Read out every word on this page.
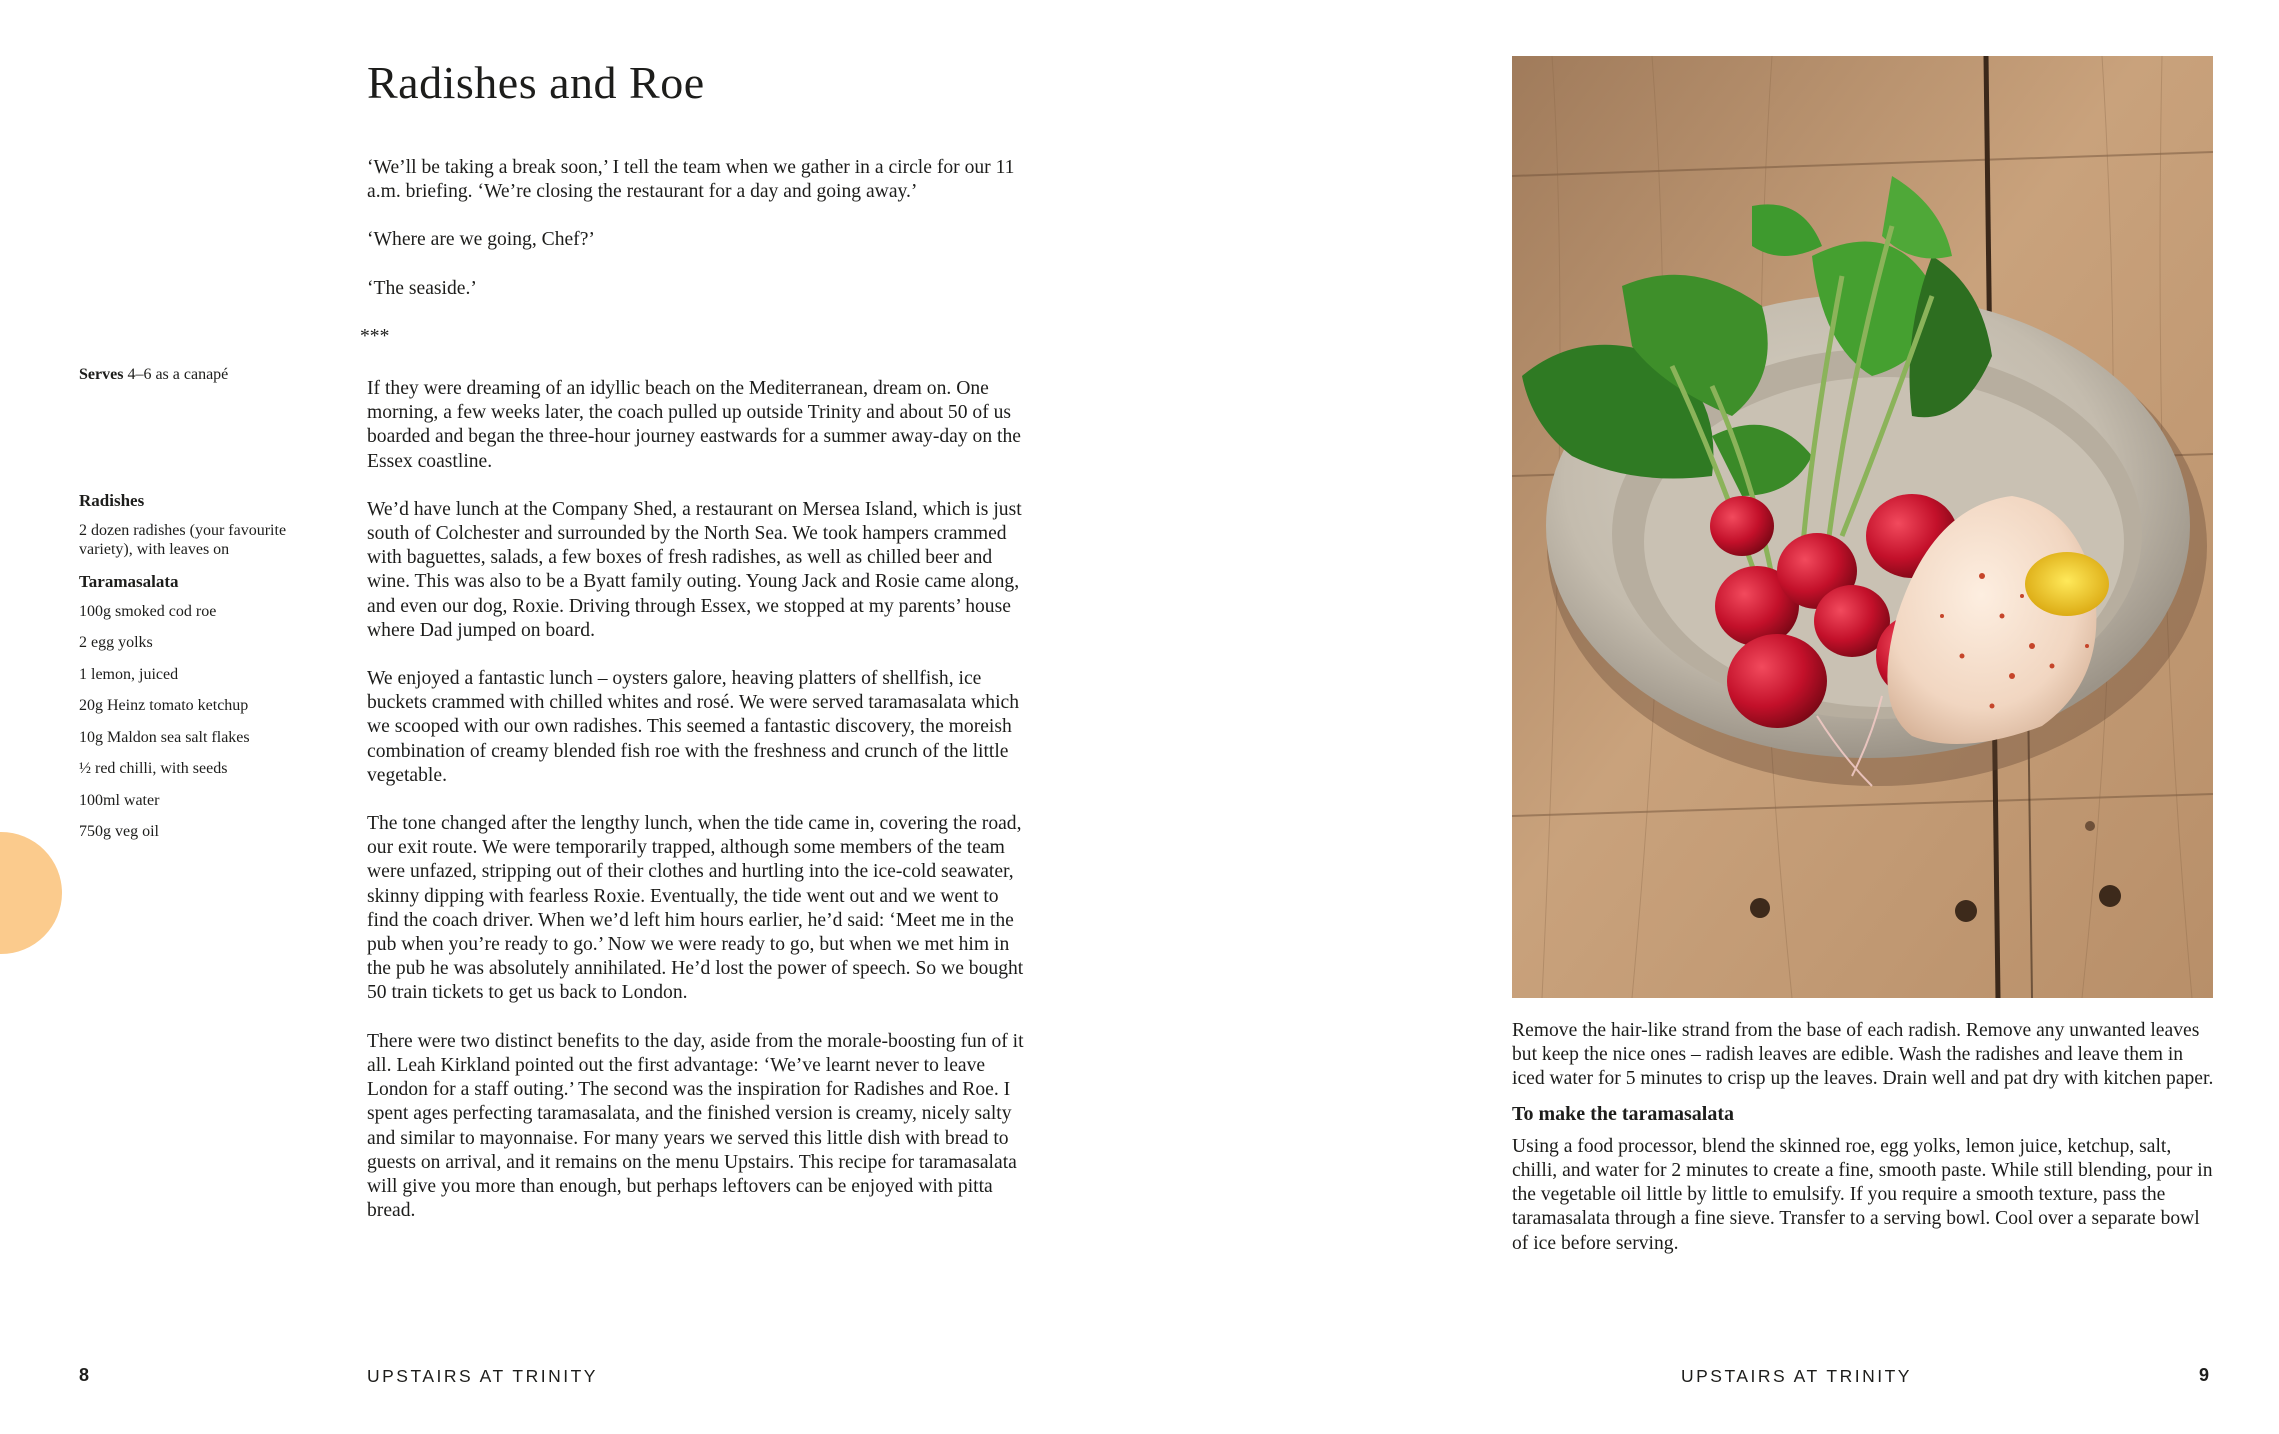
Radishes and Roe

‘We’ll be taking a break soon,’ I tell the team when we gather in a circle for our 11 a.m. briefing. ‘We’re closing the restaurant for a day and going away.’

‘Where are we going, Chef?’

‘The seaside.’

***

If they were dreaming of an idyllic beach on the Mediterranean, dream on. One morning, a few weeks later, the coach pulled up outside Trinity and about 50 of us boarded and began the three-hour journey eastwards for a summer away-day on the Essex coastline.

We’d have lunch at the Company Shed, a restaurant on Mersea Island, which is just south of Colchester and surrounded by the North Sea. We took hampers crammed with baguettes, salads, a few boxes of fresh radishes, as well as chilled beer and wine. This was also to be a Byatt family outing. Young Jack and Rosie came along, and even our dog, Roxie. Driving through Essex, we stopped at my parents’ house where Dad jumped on board.

We enjoyed a fantastic lunch – oysters galore, heaving platters of shellfish, ice buckets crammed with chilled whites and rosé. We were served taramasalata which we scooped with our own radishes. This seemed a fantastic discovery, the moreish combination of creamy blended fish roe with the freshness and crunch of the little vegetable.

The tone changed after the lengthy lunch, when the tide came in, covering the road, our exit route. We were temporarily trapped, although some members of the team were unfazed, stripping out of their clothes and hurtling into the ice-cold seawater, skinny dipping with fearless Roxie. Eventually, the tide went out and we went to find the coach driver. When we’d left him hours earlier, he’d said: ‘Meet me in the pub when you’re ready to go.’ Now we were ready to go, but when we met him in the pub he was absolutely annihilated. He’d lost the power of speech. So we bought 50 train tickets to get us back to London.

There were two distinct benefits to the day, aside from the morale-boosting fun of it all. Leah Kirkland pointed out the first advantage: ‘We’ve learnt never to leave London for a staff outing.’ The second was the inspiration for Radishes and Roe. I spent ages perfecting taramasalata, and the finished version is creamy, nicely salty and similar to mayonnaise. For many years we served this little dish with bread to guests on arrival, and it remains on the menu Upstairs. This recipe for taramasalata will give you more than enough, but perhaps leftovers can be enjoyed with pitta bread.

Serves 4–6 as a canapé

Radishes
2 dozen radishes (your favourite variety), with leaves on
Taramasalata
100g smoked cod roe
2 egg yolks
1 lemon, juiced
20g Heinz tomato ketchup
10g Maldon sea salt flakes
½ red chilli, with seeds
100ml water
750g veg oil

Remove the hair-like strand from the base of each radish. Remove any unwanted leaves but keep the nice ones – radish leaves are edible. Wash the radishes and leave them in iced water for 5 minutes to crisp up the leaves. Drain well and pat dry with kitchen paper.

To make the taramasalata

Using a food processor, blend the skinned roe, egg yolks, lemon juice, ketchup, salt, chilli, and water for 2 minutes to create a fine, smooth paste. While still blending, pour in the vegetable oil little by little to emulsify. If you require a smooth texture, pass the taramasalata through a fine sieve. Transfer to a serving bowl. Cool over a separate bowl of ice before serving.

8	UPSTAIRS AT TRINITY	UPSTAIRS AT TRINITY	9
